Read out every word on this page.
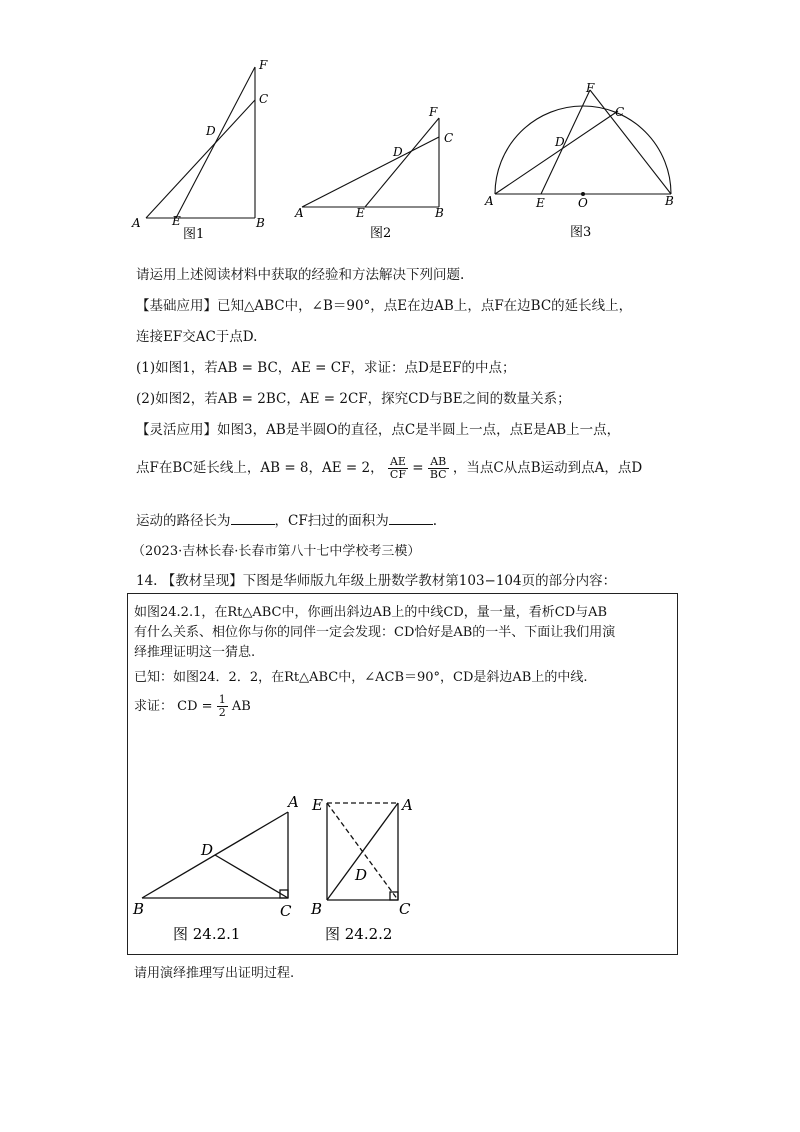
F
C
D
A	E	B
图1
F
C
D
A	E	B
图2
F
C
D
A	E	O	B
图3
请运用上述阅读材料中获取的经验和方法解决下列问题.
【基础应用】已知△ABC中，∠B＝90°，点E在边AB上，点F在边BC的延长线上，
连接EF交AC于点D.
(1)如图1，若AB = BC，AE = CF，求证：点D是EF的中点；
(2)如图2，若AB = 2BC，AE = 2CF，探究CD与BE之间的数量关系；
【灵活应用】如图3，AB是半圆O的直径，点C是半圆上一点，点E是AB上一点，
点F在BC延长线上，AB = 8，AE = 2， $\frac{AE}{CF} = \frac{AB}{BC}$ ，当点C从点B运动到点A，点D
运动的路径长为	，CF扫过的面积为	.
（2023·吉林长春·长春市第八十七中学校考三模）
14. 【教材呈现】下图是华师版九年级上册数学教材第103−104页的部分内容：
如图24.2.1，在Rt△ABC中，你画出斜边AB上的中线CD，量一量，看析CD与AB
有什么关系、相位你与你的同伴一定会发现：CD恰好是AB的一半、下面让我们用演
绎推理证明这一猜息.
已知：如图24．2．2，在Rt△ABC中，∠ACB＝90°，CD是斜边AB上的中线.
求证： CD = $\frac{1}{2}$ AB
A
D
B	C
图 24.2.1
E	A
D
B	C
图 24.2.2
请用演绎推理写出证明过程.
